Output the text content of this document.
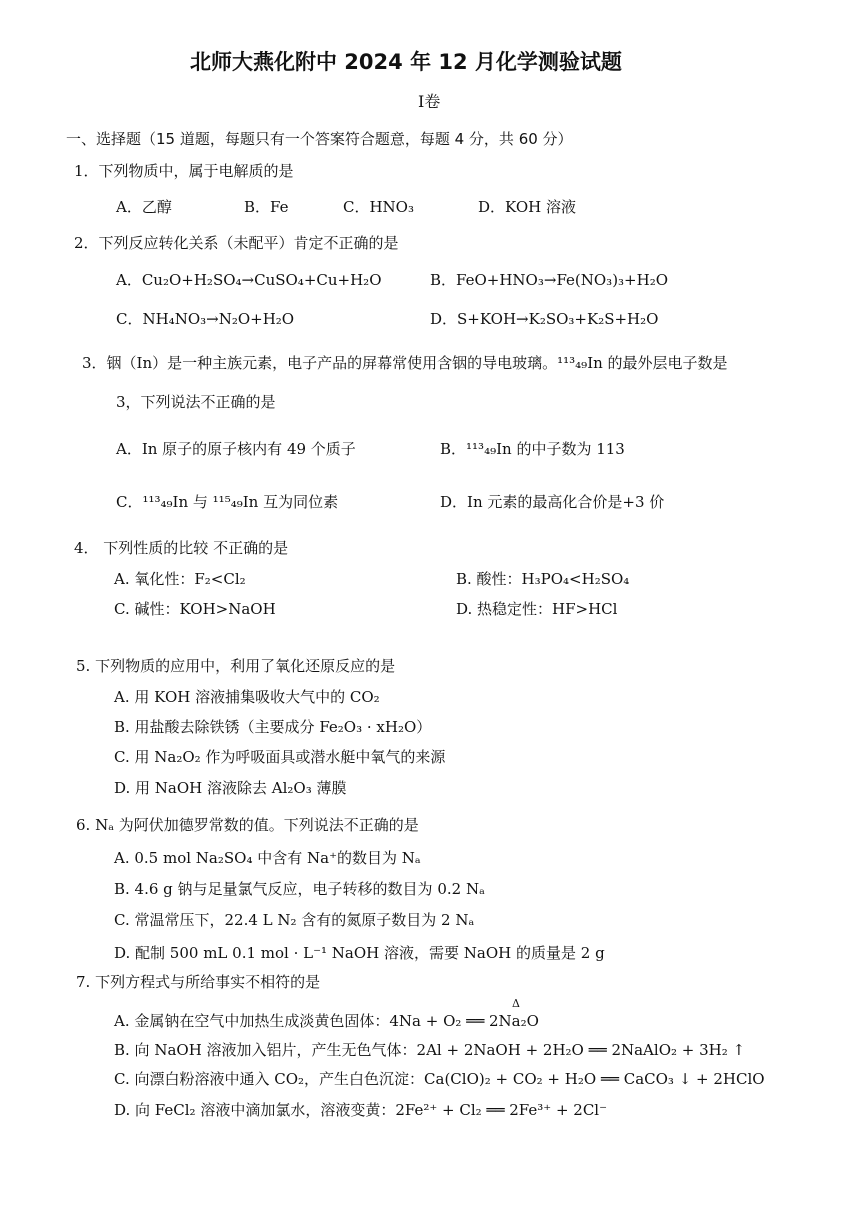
北师大燕化附中 2024 年 12 月化学测验试题
Ⅰ卷
一、选择题（15 道题，每题只有一个答案符合题意，每题 4 分，共 60 分）
1．下列物质中，属于电解质的是
A．乙醇	B．Fe	C．HNO₃	D．KOH 溶液
2．下列反应转化关系（未配平）肯定不正确的是
A．Cu₂O+H₂SO₄→CuSO₄+Cu+H₂O	B．FeO+HNO₃→Fe(NO₃)₃+H₂O
C．NH₄NO₃→N₂O+H₂O	D．S+KOH→K₂SO₃+K₂S+H₂O
3．铟（In）是一种主族元素，电子产品的屏幕常使用含铟的导电玻璃。¹¹³₄₉In 的最外层电子数是
3，下列说法不正确的是
A．In 原子的原子核内有 49 个质子	B．¹¹³₄₉In 的中子数为 113
C．¹¹³₄₉In 与 ¹¹⁵₄₉In 互为同位素	D．In 元素的最高化合价是+3 价
4． 下列性质的比较 不正确的是
A. 氧化性：F₂<Cl₂	B. 酸性：H₃PO₄<H₂SO₄
C. 碱性：KOH>NaOH	D. 热稳定性：HF>HCl
5. 下列物质的应用中，利用了氧化还原反应的是
A. 用 KOH 溶液捕集吸收大气中的 CO₂
B. 用盐酸去除铁锈（主要成分 Fe₂O₃ · xH₂O）
C. 用 Na₂O₂ 作为呼吸面具或潜水艇中氧气的来源
D. 用 NaOH 溶液除去 Al₂O₃ 薄膜
6. Nₐ 为阿伏加德罗常数的值。下列说法不正确的是
A. 0.5 mol Na₂SO₄ 中含有 Na⁺的数目为 Nₐ
B. 4.6 g 钠与足量氯气反应，电子转移的数目为 0.2 Nₐ
C. 常温常压下，22.4 L N₂ 含有的氮原子数目为 2 Nₐ
D. 配制 500 mL 0.1 mol · L⁻¹ NaOH 溶液，需要 NaOH 的质量是 2 g
7. 下列方程式与所给事实不相符的是
Δ
A. 金属钠在空气中加热生成淡黄色固体：4Na + O₂ ══ 2Na₂O
B. 向 NaOH 溶液加入铝片，产生无色气体：2Al + 2NaOH + 2H₂O ══ 2NaAlO₂ + 3H₂ ↑
C. 向漂白粉溶液中通入 CO₂，产生白色沉淀：Ca(ClO)₂ + CO₂ + H₂O ══ CaCO₃ ↓ + 2HClO
D. 向 FeCl₂ 溶液中滴加氯水，溶液变黄：2Fe²⁺ + Cl₂ ══ 2Fe³⁺ + 2Cl⁻
